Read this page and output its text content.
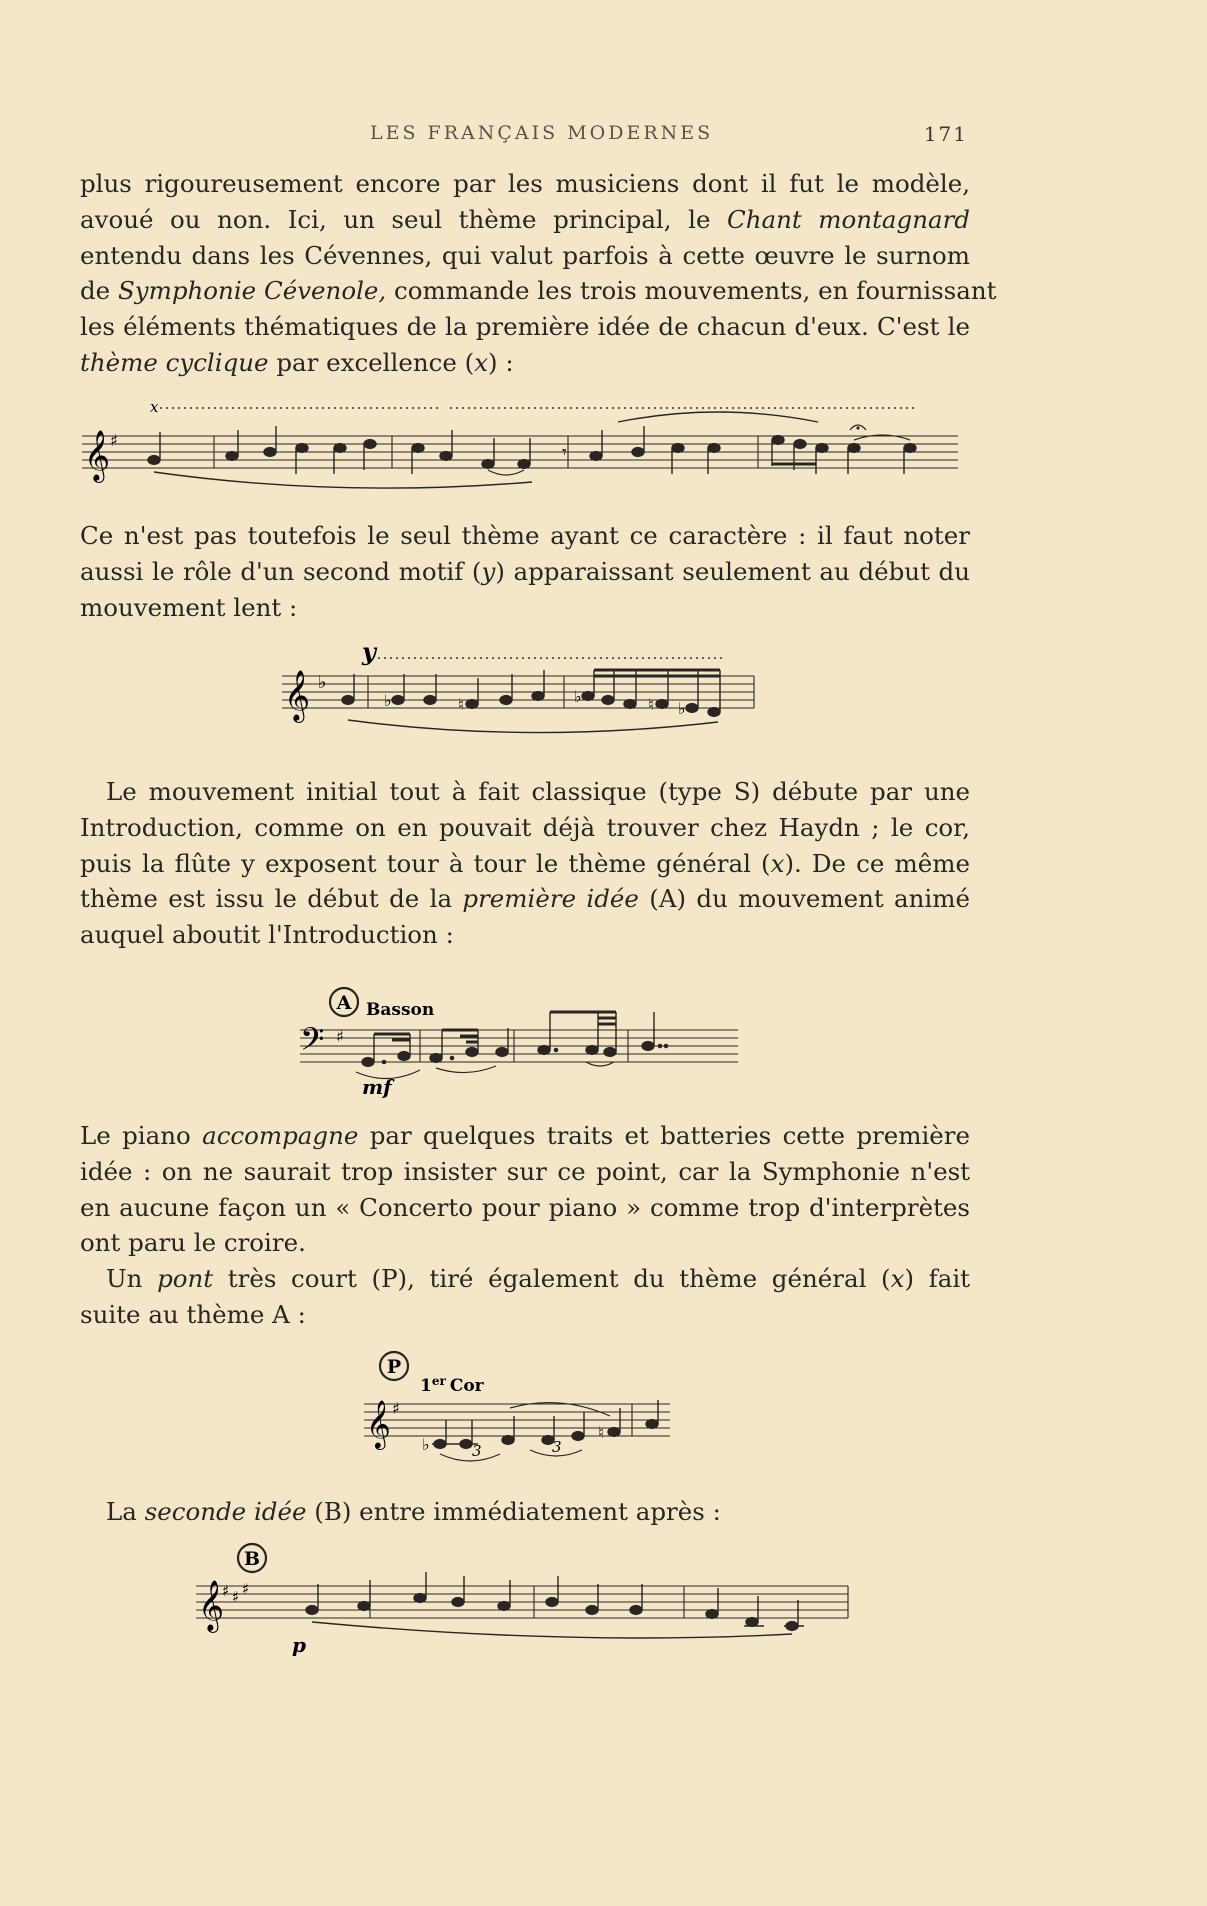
LES FRANÇAIS MODERNES	171

plus rigoureusement encore par les musiciens dont il fut le modèle,
avoué ou non. Ici, un seul thème principal, le Chant montagnard
entendu dans les Cévennes, qui valut parfois à cette œuvre le surnom
de Symphonie Cévenole, commande les trois mouvements, en fournissant
les éléments thématiques de la première idée de chacun d'eux. C'est le
thème cyclique par excellence (x) :

x
𝄞 ♯
𝄾

Ce n'est pas toutefois le seul thème ayant ce caractère : il faut noter
aussi le rôle d'un second motif (y) apparaissant seulement au début du
mouvement lent :

y
𝄞 ♭
♭	♮	♭	♮ ♭

Le mouvement initial tout à fait classique (type S) débute par une
Introduction, comme on en pouvait déjà trouver chez Haydn ; le cor,
puis la flûte y exposent tour à tour le thème général (x). De ce même
thème est issu le début de la première idée (A) du mouvement animé
auquel aboutit l'Introduction :

A Basson
𝄢 ♯
mf

Le piano accompagne par quelques traits et batteries cette première
idée : on ne saurait trop insister sur ce point, car la Symphonie n'est
en aucune façon un « Concerto pour piano » comme trop d'interprètes
ont paru le croire.

Un pont très court (P), tiré également du thème général (x) fait
suite au thème A :

P
1er Cor
𝄞 ♯
♭
♮
3	3

La seconde idée (B) entre immédiatement après :

B
𝄞
♯ ♯ ♯
p
